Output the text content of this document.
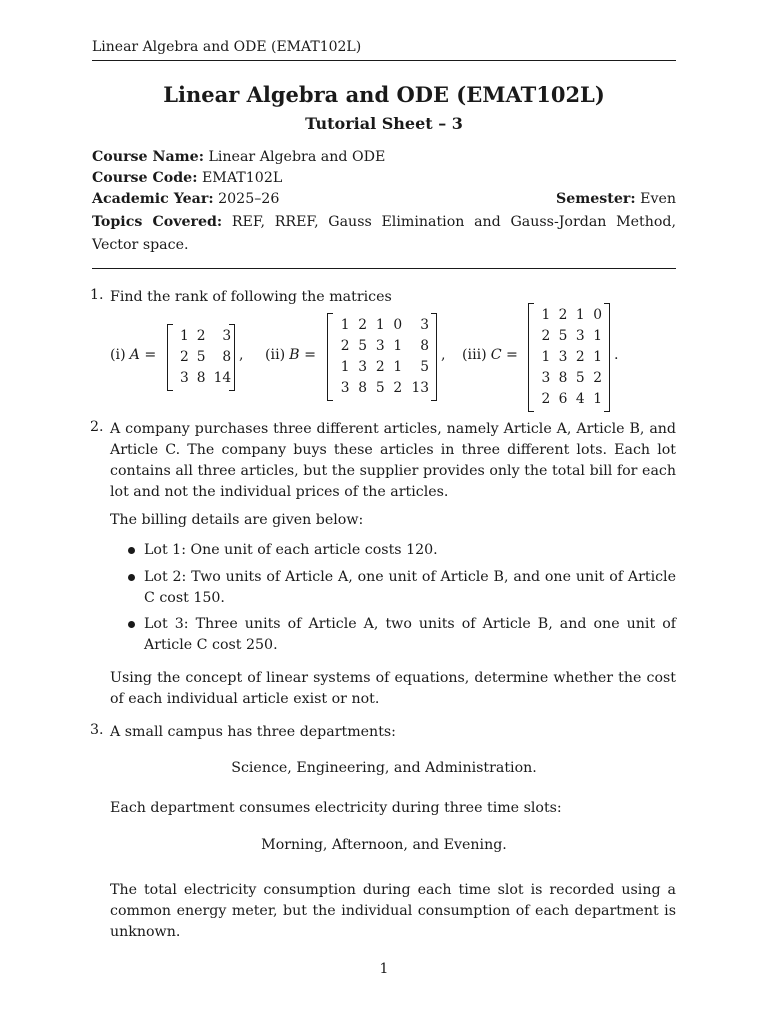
Linear Algebra and ODE (EMAT102L)
Linear Algebra and ODE (EMAT102L)
Tutorial Sheet – 3
Course Name: Linear Algebra and ODE
Course Code: EMAT102L
Academic Year: 2025–26	Semester: Even
Topics Covered: REF, RREF, Gauss Elimination and Gauss-Jordan Method, Vector space.
1. Find the rank of following the matrices
(i) A =
1	2	3
2	5	8
3	8	14
, (ii) B =
1	2	1	0	3
2	5	3	1	8
1	3	2	1	5
3	8	5	2	13
, (iii) C =
1	2	1	0
2	5	3	1
1	3	2	1
3	8	5	2
2	6	4	1
.
2. A company purchases three different articles, namely Article A, Article B, and Article C. The company buys these articles in three different lots. Each lot contains all three articles, but the supplier provides only the total bill for each lot and not the individual prices of the articles.
The billing details are given below:
Lot 1: One unit of each article costs 120.
Lot 2: Two units of Article A, one unit of Article B, and one unit of Article C cost 150.
Lot 3: Three units of Article A, two units of Article B, and one unit of Article C cost 250.
Using the concept of linear systems of equations, determine whether the cost of each individual article exist or not.
3. A small campus has three departments:
Science, Engineering, and Administration.
Each department consumes electricity during three time slots:
Morning, Afternoon, and Evening.
The total electricity consumption during each time slot is recorded using a common energy meter, but the individual consumption of each department is unknown.
1
